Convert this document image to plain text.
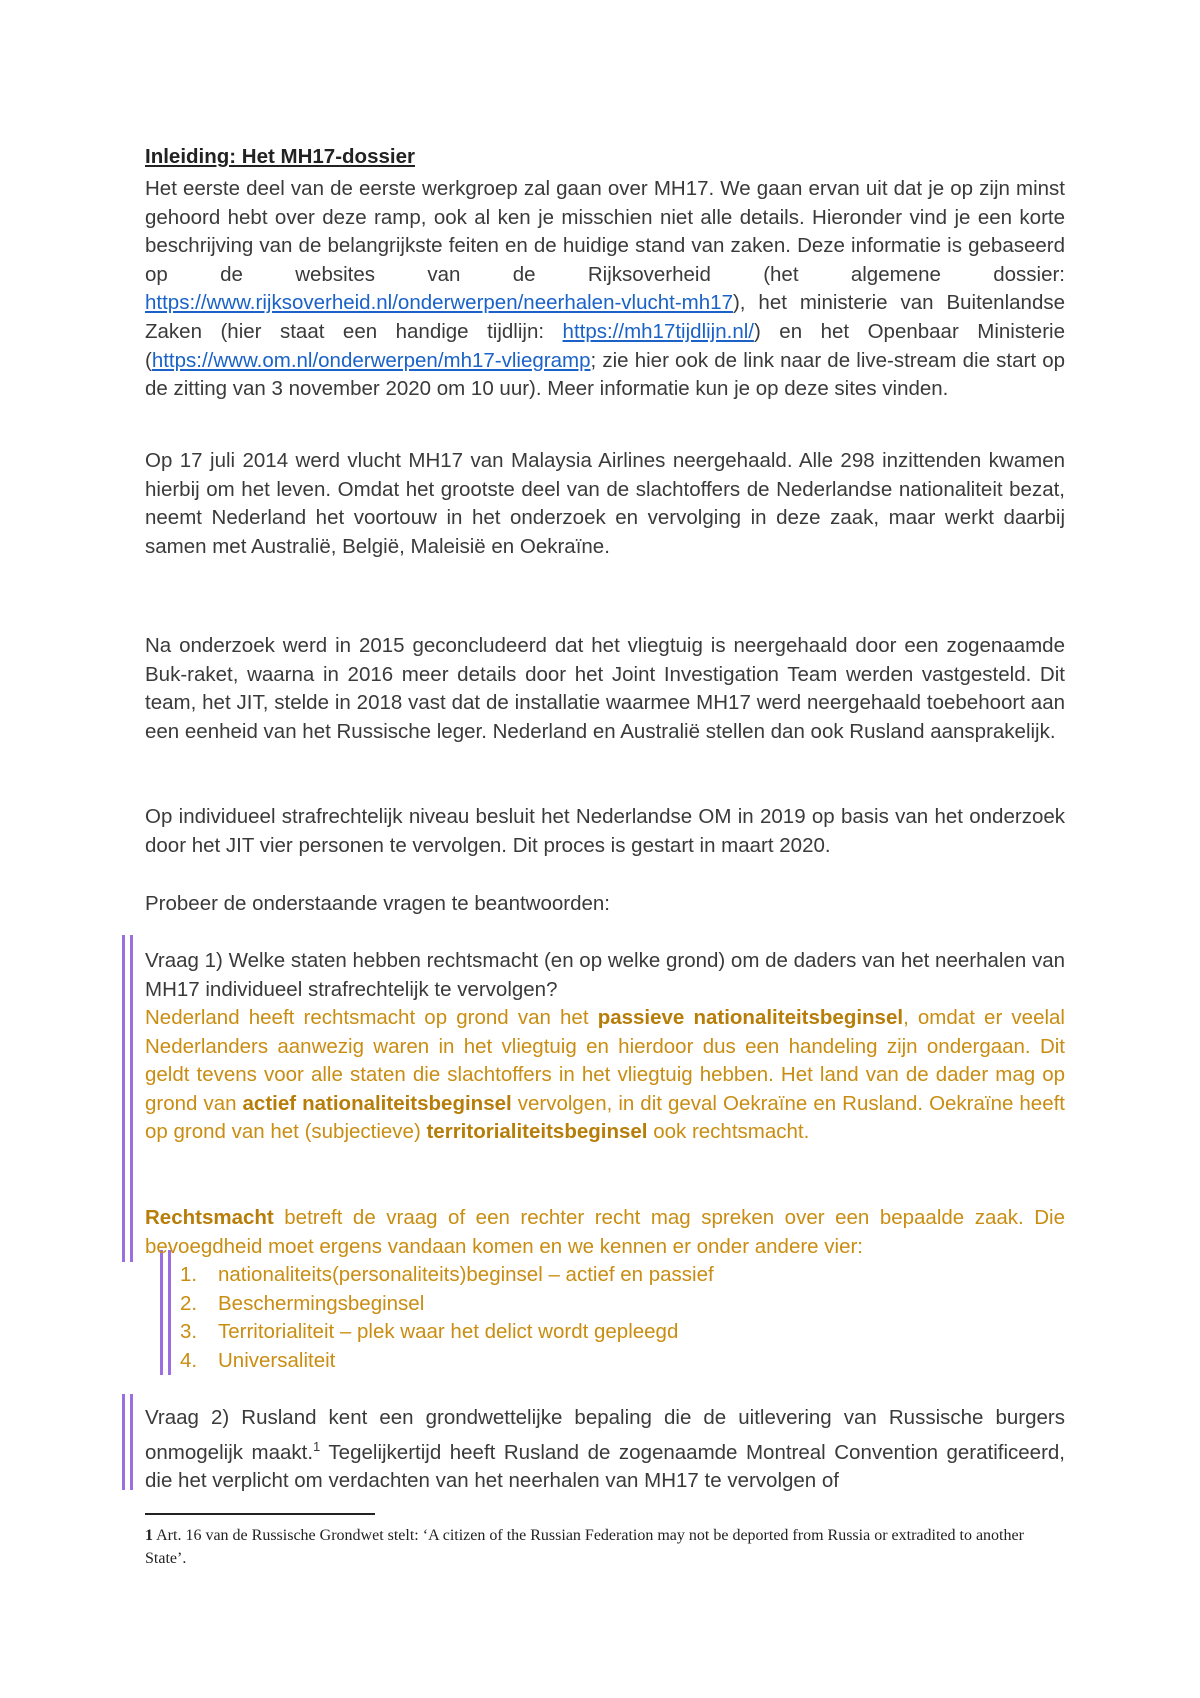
Inleiding: Het MH17-dossier

Het eerste deel van de eerste werkgroep zal gaan over MH17. We gaan ervan uit dat je op zijn minst gehoord hebt over deze ramp, ook al ken je misschien niet alle details. Hieronder vind je een korte beschrijving van de belangrijkste feiten en de huidige stand van zaken. Deze informatie is gebaseerd op de websites van de Rijksoverheid (het algemene dossier: https://www.rijksoverheid.nl/onderwerpen/neerhalen-vlucht-mh17), het ministerie van Buitenlandse Zaken (hier staat een handige tijdlijn: https://mh17tijdlijn.nl/) en het Openbaar Ministerie (https://www.om.nl/onderwerpen/mh17-vliegramp; zie hier ook de link naar de live-stream die start op de zitting van 3 november 2020 om 10 uur). Meer informatie kun je op deze sites vinden.

Op 17 juli 2014 werd vlucht MH17 van Malaysia Airlines neergehaald. Alle 298 inzittenden kwamen hierbij om het leven. Omdat het grootste deel van de slachtoffers de Nederlandse nationaliteit bezat, neemt Nederland het voortouw in het onderzoek en vervolging in deze zaak, maar werkt daarbij samen met Australië, België, Maleisië en Oekraïne.

Na onderzoek werd in 2015 geconcludeerd dat het vliegtuig is neergehaald door een zogenaamde Buk-raket, waarna in 2016 meer details door het Joint Investigation Team werden vastgesteld. Dit team, het JIT, stelde in 2018 vast dat de installatie waarmee MH17 werd neergehaald toebehoort aan een eenheid van het Russische leger. Nederland en Australië stellen dan ook Rusland aansprakelijk.

Op individueel strafrechtelijk niveau besluit het Nederlandse OM in 2019 op basis van het onderzoek door het JIT vier personen te vervolgen. Dit proces is gestart in maart 2020.

Probeer de onderstaande vragen te beantwoorden:

Vraag 1) Welke staten hebben rechtsmacht (en op welke grond) om de daders van het neerhalen van MH17 individueel strafrechtelijk te vervolgen?

Nederland heeft rechtsmacht op grond van het passieve nationaliteitsbeginsel, omdat er veelal Nederlanders aanwezig waren in het vliegtuig en hierdoor dus een handeling zijn ondergaan. Dit geldt tevens voor alle staten die slachtoffers in het vliegtuig hebben. Het land van de dader mag op grond van actief nationaliteitsbeginsel vervolgen, in dit geval Oekraïne en Rusland. Oekraïne heeft op grond van het (subjectieve) territorialiteitsbeginsel ook rechtsmacht.

Rechtsmacht betreft de vraag of een rechter recht mag spreken over een bepaalde zaak. Die bevoegdheid moet ergens vandaan komen en we kennen er onder andere vier:

1. nationaliteits(personaliteits)beginsel – actief en passief
2. Beschermingsbeginsel
3. Territorialiteit – plek waar het delict wordt gepleegd
4. Universaliteit

Vraag 2) Rusland kent een grondwettelijke bepaling die de uitlevering van Russische burgers onmogelijk maakt.$^1$ Tegelijkertijd heeft Rusland de zogenaamde Montreal Convention geratificeerd, die het verplicht om verdachten van het neerhalen van MH17 te vervolgen of

1 Art. 16 van de Russische Grondwet stelt: ‘A citizen of the Russian Federation may not be deported from Russia or extradited to another State’.
